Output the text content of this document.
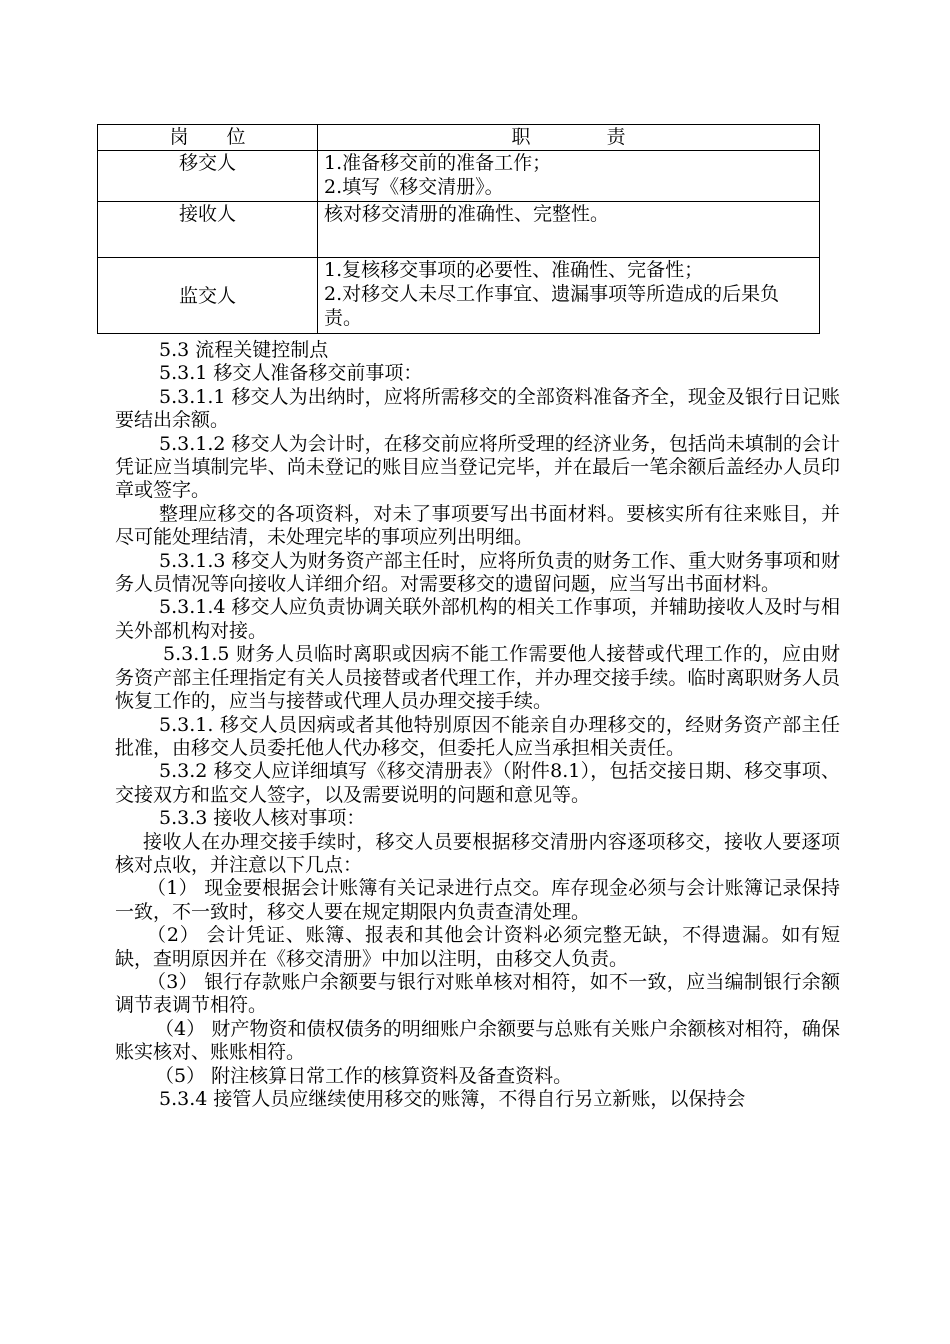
岗　　位	职　　　　责
移交人	1.准备移交前的准备工作；
2.填写《移交清册》。

接收人	核对移交清册的准确性、完整性。

监交人	1.复核移交事项的必要性、准确性、完备性；
2.对移交人未尽工作事宜、遗漏事项等所造成的后果负责。

5.3 流程关键控制点

5.3.1 移交人准备移交前事项：

5.3.1.1 移交人为出纳时，应将所需移交的全部资料准备齐全，现金及银行日记账要结出余额。

5.3.1.2 移交人为会计时，在移交前应将所受理的经济业务，包括尚未填制的会计凭证应当填制完毕、尚未登记的账目应当登记完毕，并在最后一笔余额后盖经办人员印章或签字。

整理应移交的各项资料，对未了事项要写出书面材料。要核实所有往来账目，并尽可能处理结清，未处理完毕的事项应列出明细。

5.3.1.3 移交人为财务资产部主任时，应将所负责的财务工作、重大财务事项和财务人员情况等向接收人详细介绍。对需要移交的遗留问题，应当写出书面材料。

5.3.1.4 移交人应负责协调关联外部机构的相关工作事项，并辅助接收人及时与相关外部机构对接。

5.3.1.5 财务人员临时离职或因病不能工作需要他人接替或代理工作的，应由财务资产部主任理指定有关人员接替或者代理工作，并办理交接手续。临时离职财务人员恢复工作的，应当与接替或代理人员办理交接手续。

5.3.1. 移交人员因病或者其他特别原因不能亲自办理移交的，经财务资产部主任批准，由移交人员委托他人代办移交，但委托人应当承担相关责任。

5.3.2 移交人应详细填写《移交清册表》（附件8.1），包括交接日期、移交事项、交接双方和监交人签字，以及需要说明的问题和意见等。

5.3.3 接收人核对事项：

接收人在办理交接手续时，移交人员要根据移交清册内容逐项移交，接收人要逐项核对点收，并注意以下几点：

（1） 现金要根据会计账簿有关记录进行点交。库存现金必须与会计账簿记录保持一致，不一致时，移交人要在规定期限内负责查清处理。

（2） 会计凭证、账簿、报表和其他会计资料必须完整无缺，不得遗漏。如有短缺，查明原因并在《移交清册》中加以注明，由移交人负责。

（3） 银行存款账户余额要与银行对账单核对相符，如不一致，应当编制银行余额调节表调节相符。

（4） 财产物资和债权债务的明细账户余额要与总账有关账户余额核对相符，确保账实核对、账账相符。

（5） 附注核算日常工作的核算资料及备查资料。

5.3.4 接管人员应继续使用移交的账簿，不得自行另立新账，以保持会
